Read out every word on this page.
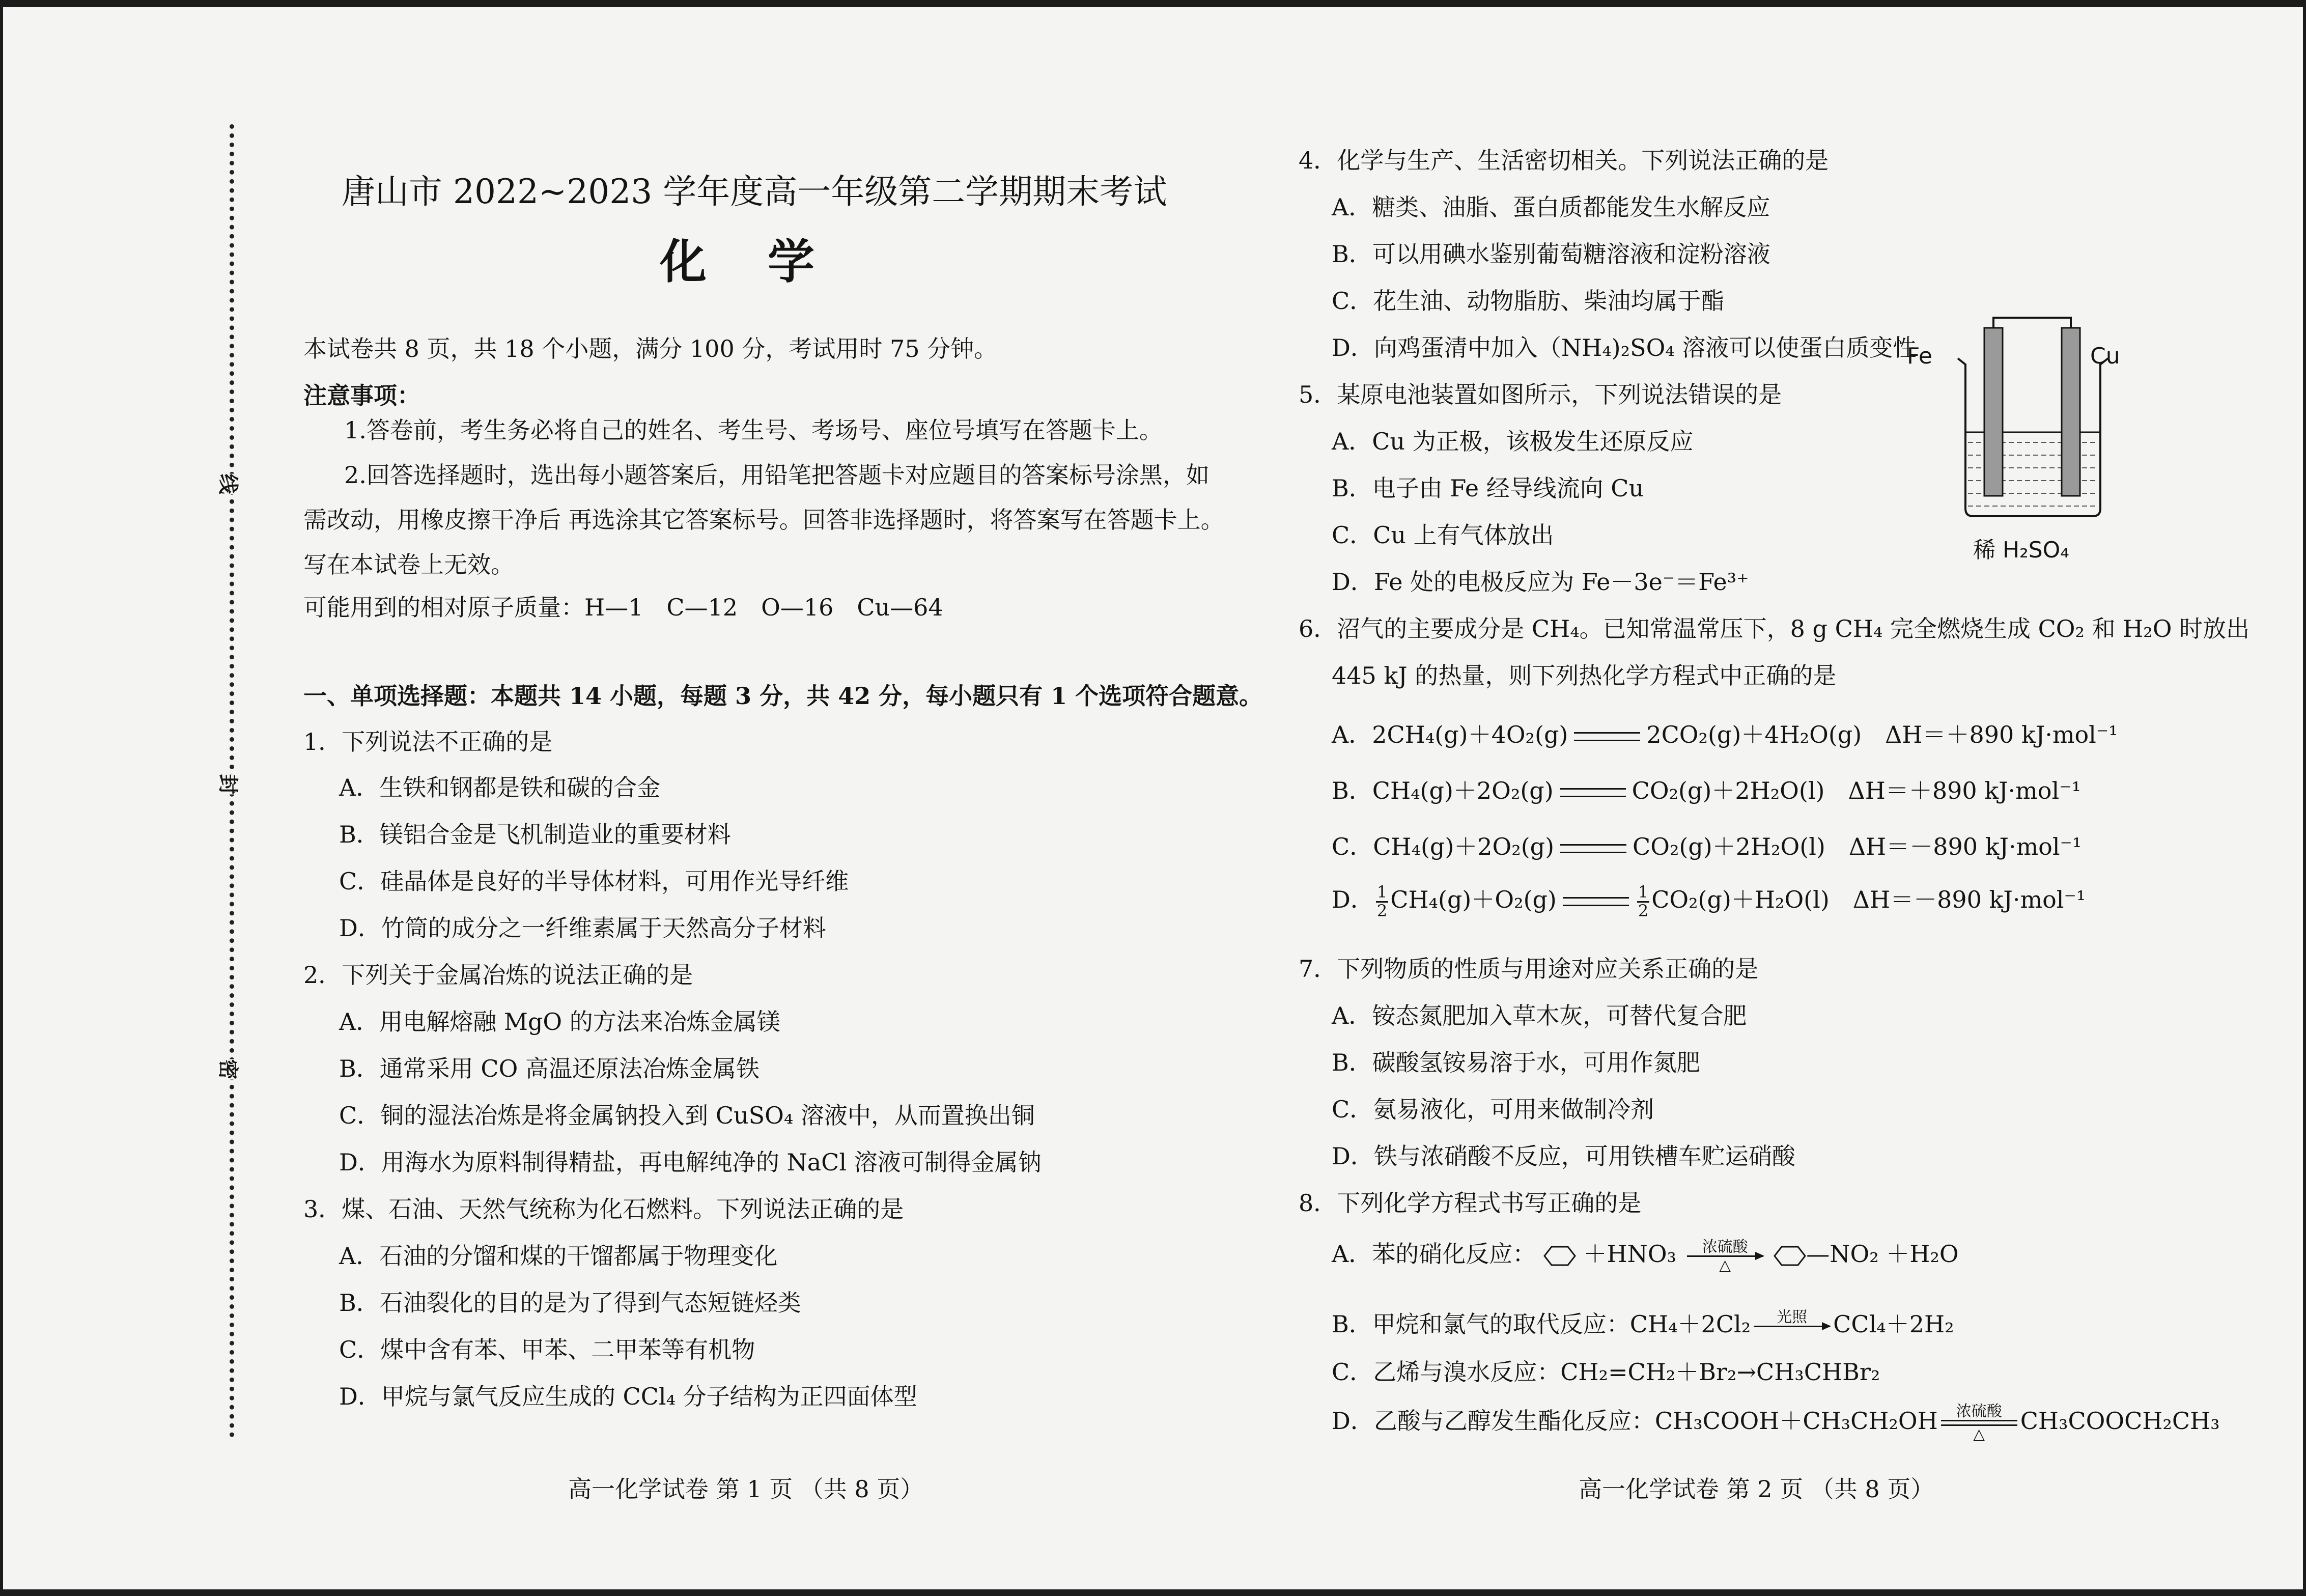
线
封
密
唐山市 2022~2023 学年度高一年级第二学期期末考试
化学
本试卷共 8 页，共 18 个小题，满分 100 分，考试用时 75 分钟。
注意事项：
1.答卷前，考生务必将自己的姓名、考生号、考场号、座位号填写在答题卡上。
2.回答选择题时，选出每小题答案后，用铅笔把答题卡对应题目的答案标号涂黑，如
需改动，用橡皮擦干净后 再选涂其它答案标号。回答非选择题时，将答案写在答题卡上。
写在本试卷上无效。
可能用到的相对原子质量：H—1　C—12　O—16　Cu—64
一、单项选择题：本题共 14 小题，每题 3 分，共 42 分，每小题只有 1 个选项符合题意。
1．下列说法不正确的是
A．生铁和钢都是铁和碳的合金
B．镁铝合金是飞机制造业的重要材料
C．硅晶体是良好的半导体材料，可用作光导纤维
D．竹筒的成分之一纤维素属于天然高分子材料
2．下列关于金属冶炼的说法正确的是
A．用电解熔融 MgO 的方法来冶炼金属镁
B．通常采用 CO 高温还原法冶炼金属铁
C．铜的湿法冶炼是将金属钠投入到 CuSO₄ 溶液中，从而置换出铜
D．用海水为原料制得精盐，再电解纯净的 NaCl 溶液可制得金属钠
3．煤、石油、天然气统称为化石燃料。下列说法正确的是
A．石油的分馏和煤的干馏都属于物理变化
B．石油裂化的目的是为了得到气态短链烃类
C．煤中含有苯、甲苯、二甲苯等有机物
D．甲烷与氯气反应生成的 CCl₄ 分子结构为正四面体型
高一化学试卷 第 1 页 （共 8 页）
4．化学与生产、生活密切相关。下列说法正确的是
A．糖类、油脂、蛋白质都能发生水解反应
B．可以用碘水鉴别葡萄糖溶液和淀粉溶液
C．花生油、动物脂肪、柴油均属于酯
D．向鸡蛋清中加入（NH₄)₂SO₄ 溶液可以使蛋白质变性
5．某原电池装置如图所示，下列说法错误的是
A．Cu 为正极，该极发生还原反应
B．电子由 Fe 经导线流向 Cu
C．Cu 上有气体放出
D．Fe 处的电极反应为 Fe－3e⁻＝Fe³⁺
6．沼气的主要成分是 CH₄。已知常温常压下，8 g CH₄ 完全燃烧生成 CO₂ 和 H₂O 时放出
445 kJ 的热量，则下列热化学方程式中正确的是
A．2CH₄(g)＋4O₂(g)	2CO₂(g)＋4H₂O(g)　ΔH＝＋890 kJ·mol⁻¹
B．CH₄(g)＋2O₂(g)	CO₂(g)＋2H₂O(l)　ΔH＝＋890 kJ·mol⁻¹
C．CH₄(g)＋2O₂(g)	CO₂(g)＋2H₂O(l)　ΔH＝－890 kJ·mol⁻¹
D． $\frac{1}{2} CH_4(g)+O_2(g)$	$\frac{1}{2} CO_2(g)+H_2O(l)$　ΔH＝－890 kJ·mol⁻¹
7．下列物质的性质与用途对应关系正确的是
A．铵态氮肥加入草木灰，可替代复合肥
B．碳酸氢铵易溶于水，可用作氮肥
C．氨易液化，可用来做制冷剂
D．铁与浓硝酸不反应，可用铁槽车贮运硝酸
8．下列化学方程式书写正确的是
A．苯的硝化反应： ＋HNO₃ 浓硫酸
△	—NO₂ ＋H₂O
B．甲烷和氯气的取代反应：CH₄＋2Cl₂ 光照
CCl₄＋2H₂
C．乙烯与溴水反应：CH₂=CH₂＋Br₂→CH₃CHBr₂
D．乙酸与乙醇发生酯化反应：CH₃COOH＋CH₃CH₂OH 浓硫酸
△ CH₃COOCH₂CH₃
高一化学试卷 第 2 页 （共 8 页）
Fe	Cu
稀 H₂SO₄
